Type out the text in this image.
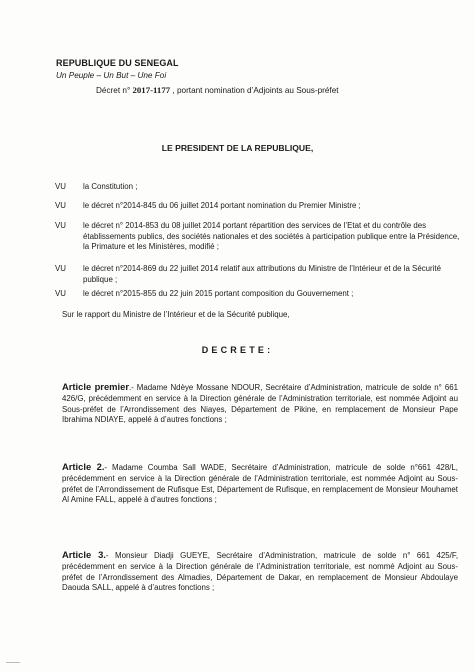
REPUBLIQUE DU SENEGAL
Un Peuple – Un But – Une Foi
Décret n° 2017-1177 , portant nomination d’Adjoints au Sous-préfet
LE PRESIDENT DE LA REPUBLIQUE,
VU la Constitution ;
VU le décret n°2014-845 du 06 juillet 2014 portant nomination du Premier Ministre ;
VU le décret n° 2014-853 du 08 juillet 2014 portant répartition des services de l’Etat et du contrôle des établissements publics, des sociétés nationales et des sociétés à participation publique entre la Présidence, la Primature et les Ministères, modifié ;
VU le décret n°2014-869 du 22 juillet 2014 relatif aux attributions du Ministre de l’Intérieur et de la Sécurité publique ;
VU le décret n°2015-855 du 22 juin 2015 portant composition du Gouvernement ;
Sur le rapport du Ministre de l’Intérieur et de la Sécurité publique,
DECRETE:
Article premier.- Madame Ndèye Mossane NDOUR, Secrétaire d’Administration, matricule de solde n° 661 426/G, précédemment en service à la Direction générale de l’Administration territoriale, est nommée Adjoint au Sous-préfet de l’Arrondissement des Niayes, Département de Pikine, en remplacement de Monsieur Pape Ibrahima NDIAYE, appelé à d’autres fonctions ;
Article 2.- Madame Coumba Sall WADE, Secrétaire d’Administration, matricule de solde n°661 428/L, précédemment en service à la Direction générale de l’Administration territoriale, est nommée Adjoint au Sous-préfet de l’Arrondissement de Rufisque Est, Département de Rufisque, en remplacement de Monsieur Mouhamet Al Amine FALL, appelé à d’autres fonctions ;
Article 3.- Monsieur Diadji GUEYE, Secrétaire d’Administration, matricule de solde n° 661 425/F, précédemment en service à la Direction générale de l’Administration territoriale, est nommé Adjoint au Sous-préfet de l’Arrondissement des Almadies, Département de Dakar, en remplacement de Monsieur Abdoulaye Daouda SALL, appelé à d’autres fonctions ;
